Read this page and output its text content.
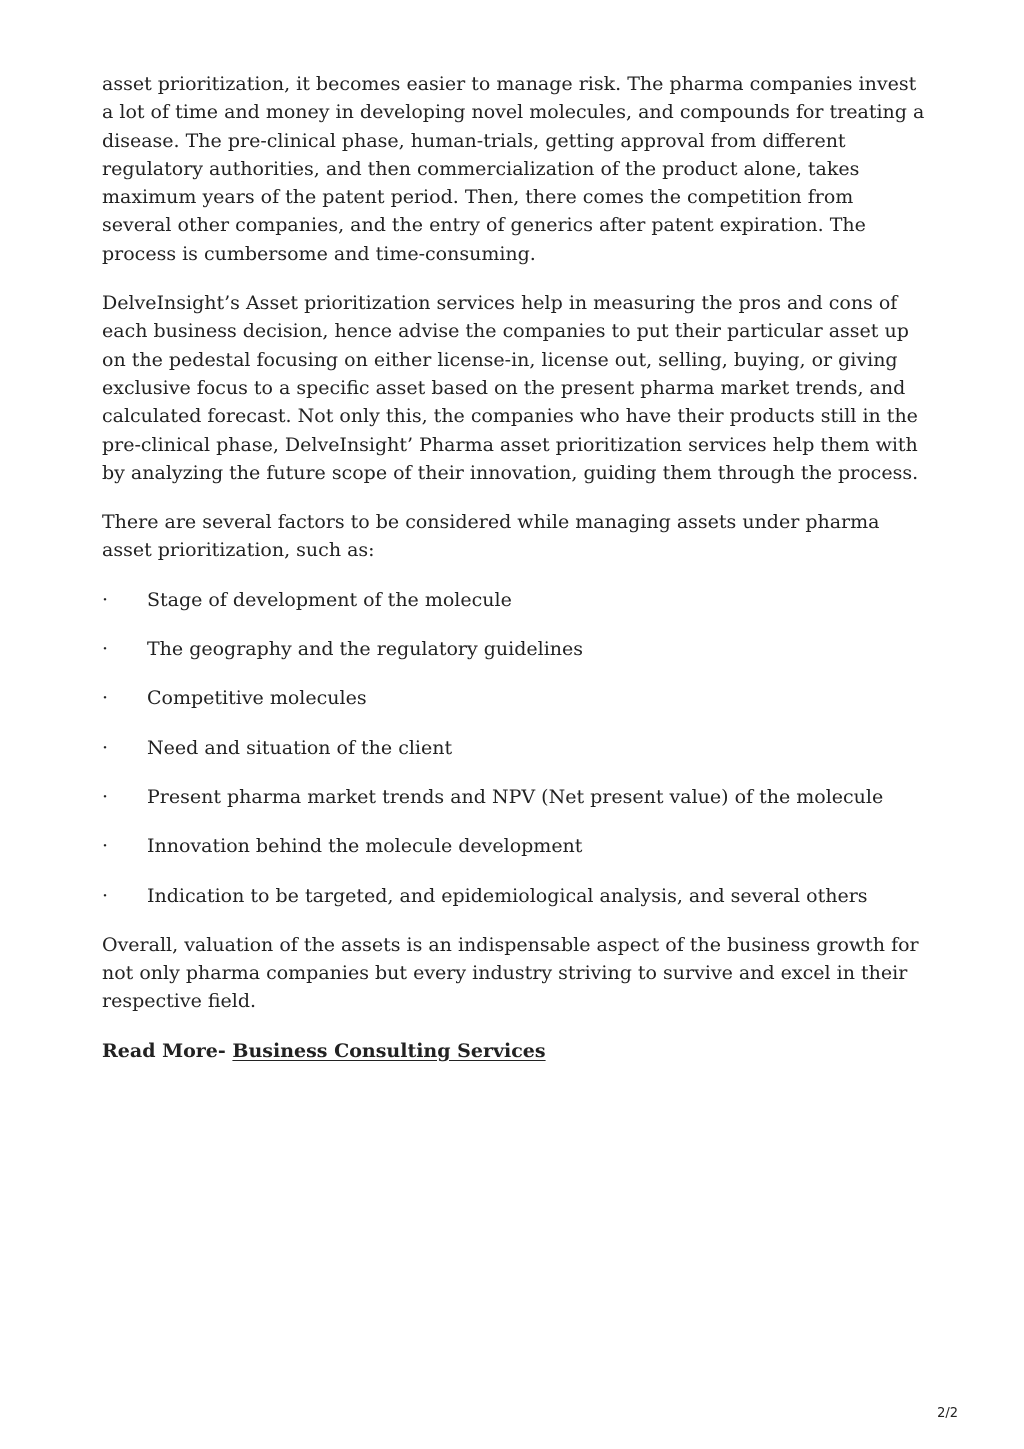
asset prioritization, it becomes easier to manage risk. The pharma companies invest a lot of time and money in developing novel molecules, and compounds for treating a disease. The pre-clinical phase, human-trials, getting approval from different regulatory authorities, and then commercialization of the product alone, takes maximum years of the patent period. Then, there comes the competition from several other companies, and the entry of generics after patent expiration. The process is cumbersome and time-consuming.

DelveInsight’s Asset prioritization services help in measuring the pros and cons of each business decision, hence advise the companies to put their particular asset up on the pedestal focusing on either license-in, license out, selling, buying, or giving exclusive focus to a specific asset based on the present pharma market trends, and calculated forecast. Not only this, the companies who have their products still in the pre-clinical phase, DelveInsight’ Pharma asset prioritization services help them with by analyzing the future scope of their innovation, guiding them through the process.

There are several factors to be considered while managing assets under pharma asset prioritization, such as:

· Stage of development of the molecule
· The geography and the regulatory guidelines
· Competitive molecules
· Need and situation of the client
· Present pharma market trends and NPV (Net present value) of the molecule
· Innovation behind the molecule development
· Indication to be targeted, and epidemiological analysis, and several others

Overall, valuation of the assets is an indispensable aspect of the business growth for not only pharma companies but every industry striving to survive and excel in their respective field.

Read More- Business Consulting Services

2/2
